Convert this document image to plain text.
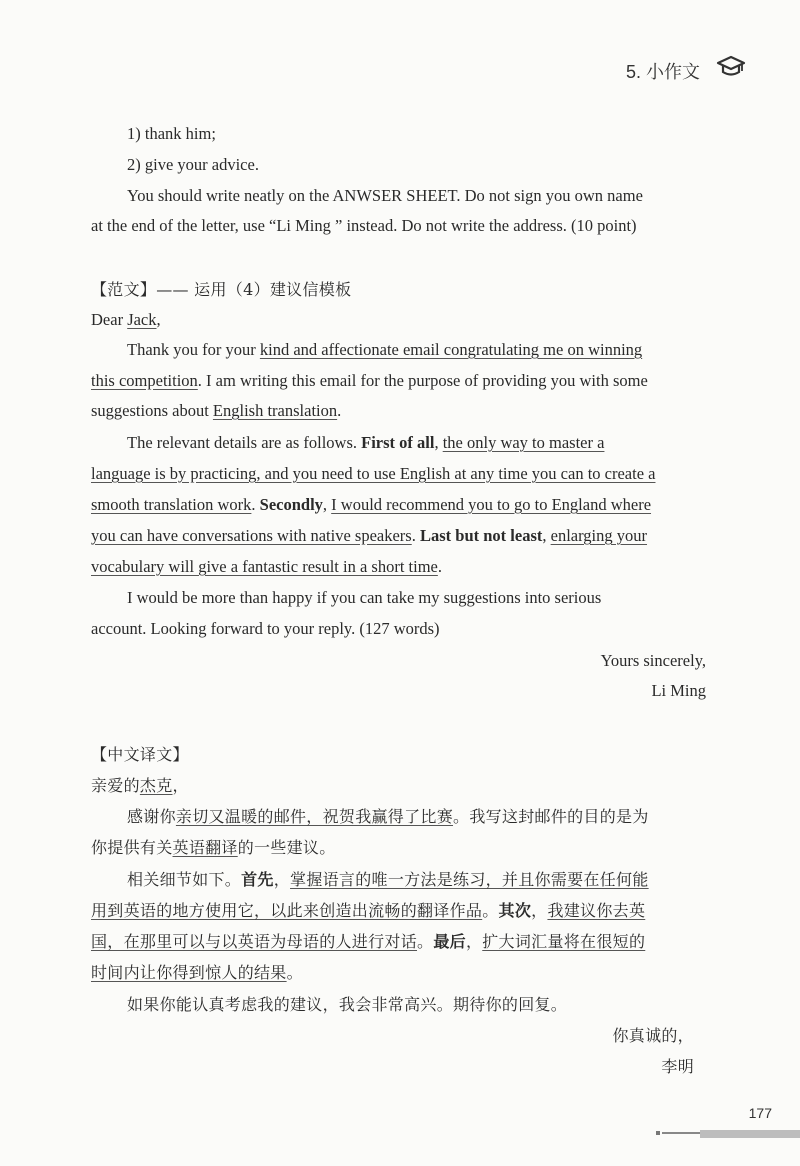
5. 小作文
1) thank him;
2) give your advice.
You should write neatly on the ANWSER SHEET. Do not sign you own name
at the end of the letter, use “Li Ming ” instead. Do not write the address. (10 point)
【范文】—— 运用（4）建议信模板
Dear Jack,
Thank you for your kind and affectionate email congratulating me on winning
this competition. I am writing this email for the purpose of providing you with some
suggestions about English translation.
The relevant details are as follows. First of all, the only way to master a
language is by practicing, and you need to use English at any time you can to create a
smooth translation work. Secondly, I would recommend you to go to England where
you can have conversations with native speakers. Last but not least, enlarging your
vocabulary will give a fantastic result in a short time.
I would be more than happy if you can take my suggestions into serious
account. Looking forward to your reply. (127 words)
Yours sincerely,
Li Ming
【中文译文】
亲爱的杰克，
感谢你亲切又温暖的邮件，祝贺我赢得了比赛。我写这封邮件的目的是为
你提供有关英语翻译的一些建议。
相关细节如下。首先，掌握语言的唯一方法是练习，并且你需要在任何能
用到英语的地方使用它，以此来创造出流畅的翻译作品。其次，我建议你去英
国，在那里可以与以英语为母语的人进行对话。最后，扩大词汇量将在很短的
时间内让你得到惊人的结果。
如果你能认真考虑我的建议，我会非常高兴。期待你的回复。
你真诚的，
李明
177
